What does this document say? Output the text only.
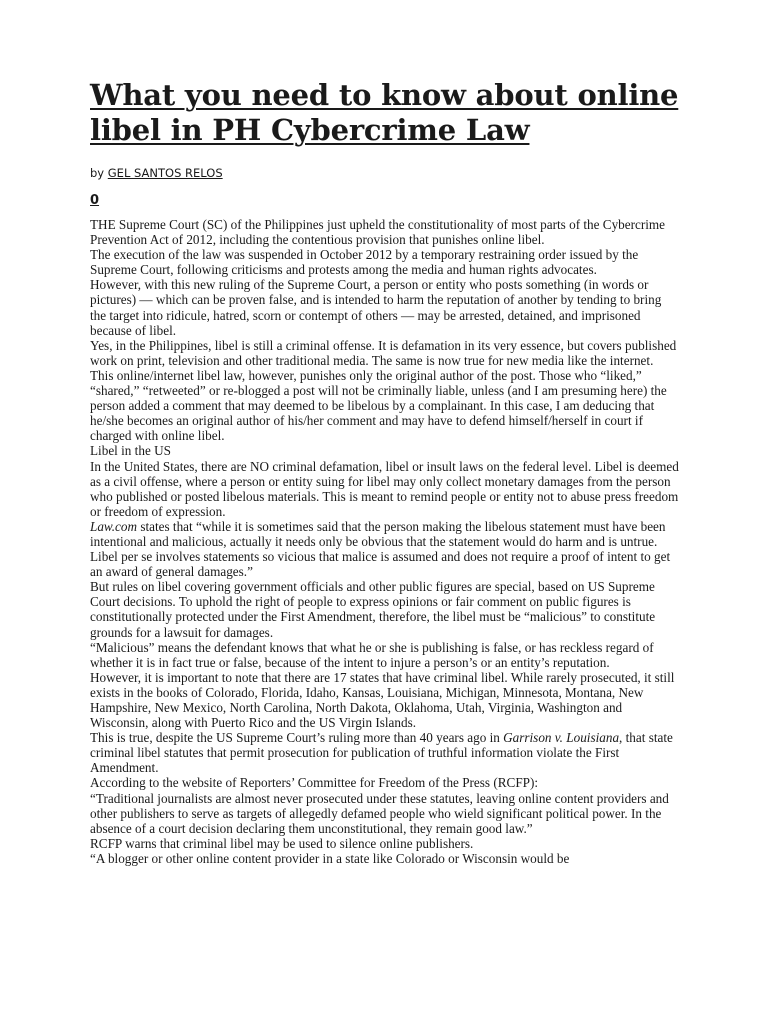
What you need to know about online libel in PH Cybercrime Law
by GEL SANTOS RELOS
0

THE Supreme Court (SC) of the Philippines just upheld the constitutionality of most parts of the Cybercrime Prevention Act of 2012, including the contentious provision that punishes online libel.

The execution of the law was suspended in October 2012 by a temporary restraining order issued by the Supreme Court, following criticisms and protests among the media and human rights advocates.

However, with this new ruling of the Supreme Court, a person or entity who posts something (in words or pictures) — which can be proven false, and is intended to harm the reputation of another by tending to bring the target into ridicule, hatred, scorn or contempt of others — may be arrested, detained, and imprisoned because of libel.

Yes, in the Philippines, libel is still a criminal offense. It is defamation in its very essence, but covers published work on print, television and other traditional media. The same is now true for new media like the internet.

This online/internet libel law, however, punishes only the original author of the post. Those who “liked,” “shared,” “retweeted” or re-blogged a post will not be criminally liable, unless (and I am presuming here) the person added a comment that may deemed to be libelous by a complainant. In this case, I am deducing that he/she becomes an original author of his/her comment and may have to defend himself/herself in court if charged with online libel.

Libel in the US

In the United States, there are NO criminal defamation, libel or insult laws on the federal level. Libel is deemed as a civil offense, where a person or entity suing for libel may only collect monetary damages from the person who published or posted libelous materials. This is meant to remind people or entity not to abuse press freedom or freedom of expression.

Law.com states that “while it is sometimes said that the person making the libelous statement must have been intentional and malicious, actually it needs only be obvious that the statement would do harm and is untrue. Libel per se involves statements so vicious that malice is assumed and does not require a proof of intent to get an award of general damages.”

But rules on libel covering government officials and other public figures are special, based on US Supreme Court decisions. To uphold the right of people to express opinions or fair comment on public figures is constitutionally protected under the First Amendment, therefore, the libel must be “malicious” to constitute grounds for a lawsuit for damages.

“Malicious” means the defendant knows that what he or she is publishing is false, or has reckless regard of whether it is in fact true or false, because of the intent to injure a person’s or an entity’s reputation.

However, it is important to note that there are 17 states that have criminal libel. While rarely prosecuted, it still exists in the books of Colorado, Florida, Idaho, Kansas, Louisiana, Michigan, Minnesota, Montana, New Hampshire, New Mexico, North Carolina, North Dakota, Oklahoma, Utah, Virginia, Washington and Wisconsin, along with Puerto Rico and the US Virgin Islands.

This is true, despite the US Supreme Court’s ruling more than 40 years ago in Garrison v. Louisiana, that state criminal libel statutes that permit prosecution for publication of truthful information violate the First Amendment.

According to the website of Reporters’ Committee for Freedom of the Press (RCFP):

“Traditional journalists are almost never prosecuted under these statutes, leaving online content providers and other publishers to serve as targets of allegedly defamed people who wield significant political power. In the absence of a court decision declaring them unconstitutional, they remain good law.”

RCFP warns that criminal libel may be used to silence online publishers.

“A blogger or other online content provider in a state like Colorado or Wisconsin would be
